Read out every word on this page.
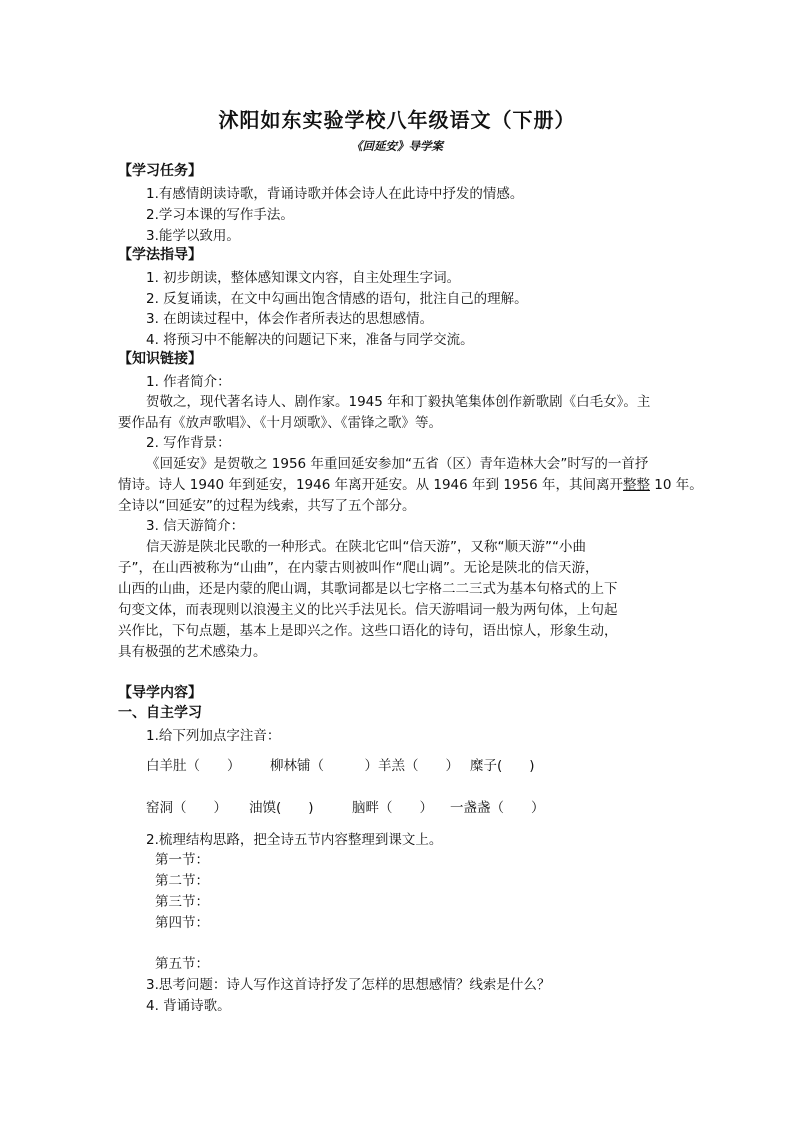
沭阳如东实验学校八年级语文（下册）
《回延安》导学案
【学习任务】
1.有感情朗读诗歌，背诵诗歌并体会诗人在此诗中抒发的情感。
2.学习本课的写作手法。
3.能学以致用。
【学法指导】
1. 初步朗读，整体感知课文内容，自主处理生字词。
2. 反复诵读，在文中勾画出饱含情感的语句，批注自己的理解。
3. 在朗读过程中，体会作者所表达的思想感情。
4. 将预习中不能解决的问题记下来，准备与同学交流。
【知识链接】
1. 作者简介：
贺敬之，现代著名诗人、剧作家。1945 年和丁毅执笔集体创作新歌剧《白毛女》。主
要作品有《放声歌唱》、《十月颂歌》、《雷锋之歌》等。
2. 写作背景：
《回延安》是贺敬之 1956 年重回延安参加“五省（区）青年造林大会”时写的一首抒
情诗。诗人 1940 年到延安，1946 年离开延安。从 1946 年到 1956 年，其间离开整整 10 年。
全诗以“回延安”的过程为线索，共写了五个部分。
3. 信天游简介：
信天游是陕北民歌的一种形式。在陕北它叫“信天游”，又称“顺天游”“小曲
子”，在山西被称为“山曲”，在内蒙古则被叫作“爬山调”。无论是陕北的信天游，
山西的山曲，还是内蒙的爬山调，其歌词都是以七字格二二三式为基本句格式的上下
句变文体，而表现则以浪漫主义的比兴手法见长。信天游唱词一般为两句体，上句起
兴作比，下句点题，基本上是即兴之作。这些口语化的诗句，语出惊人，形象生动，
具有极强的艺术感染力。
【导学内容】
一、自主学习
1.给下列加点字注音：
白羊肚（　　） 柳林铺（　　　）羊羔（　　） 糜子(　　)
窑洞（　　） 油馍(　　)	脑畔（　　） 一盏盏（　　）
2.梳理结构思路，把全诗五节内容整理到课文上。
第一节：
第二节：
第三节：
第四节：
第五节：
3.思考问题：诗人写作这首诗抒发了怎样的思想感情？线索是什么？
4. 背诵诗歌。
